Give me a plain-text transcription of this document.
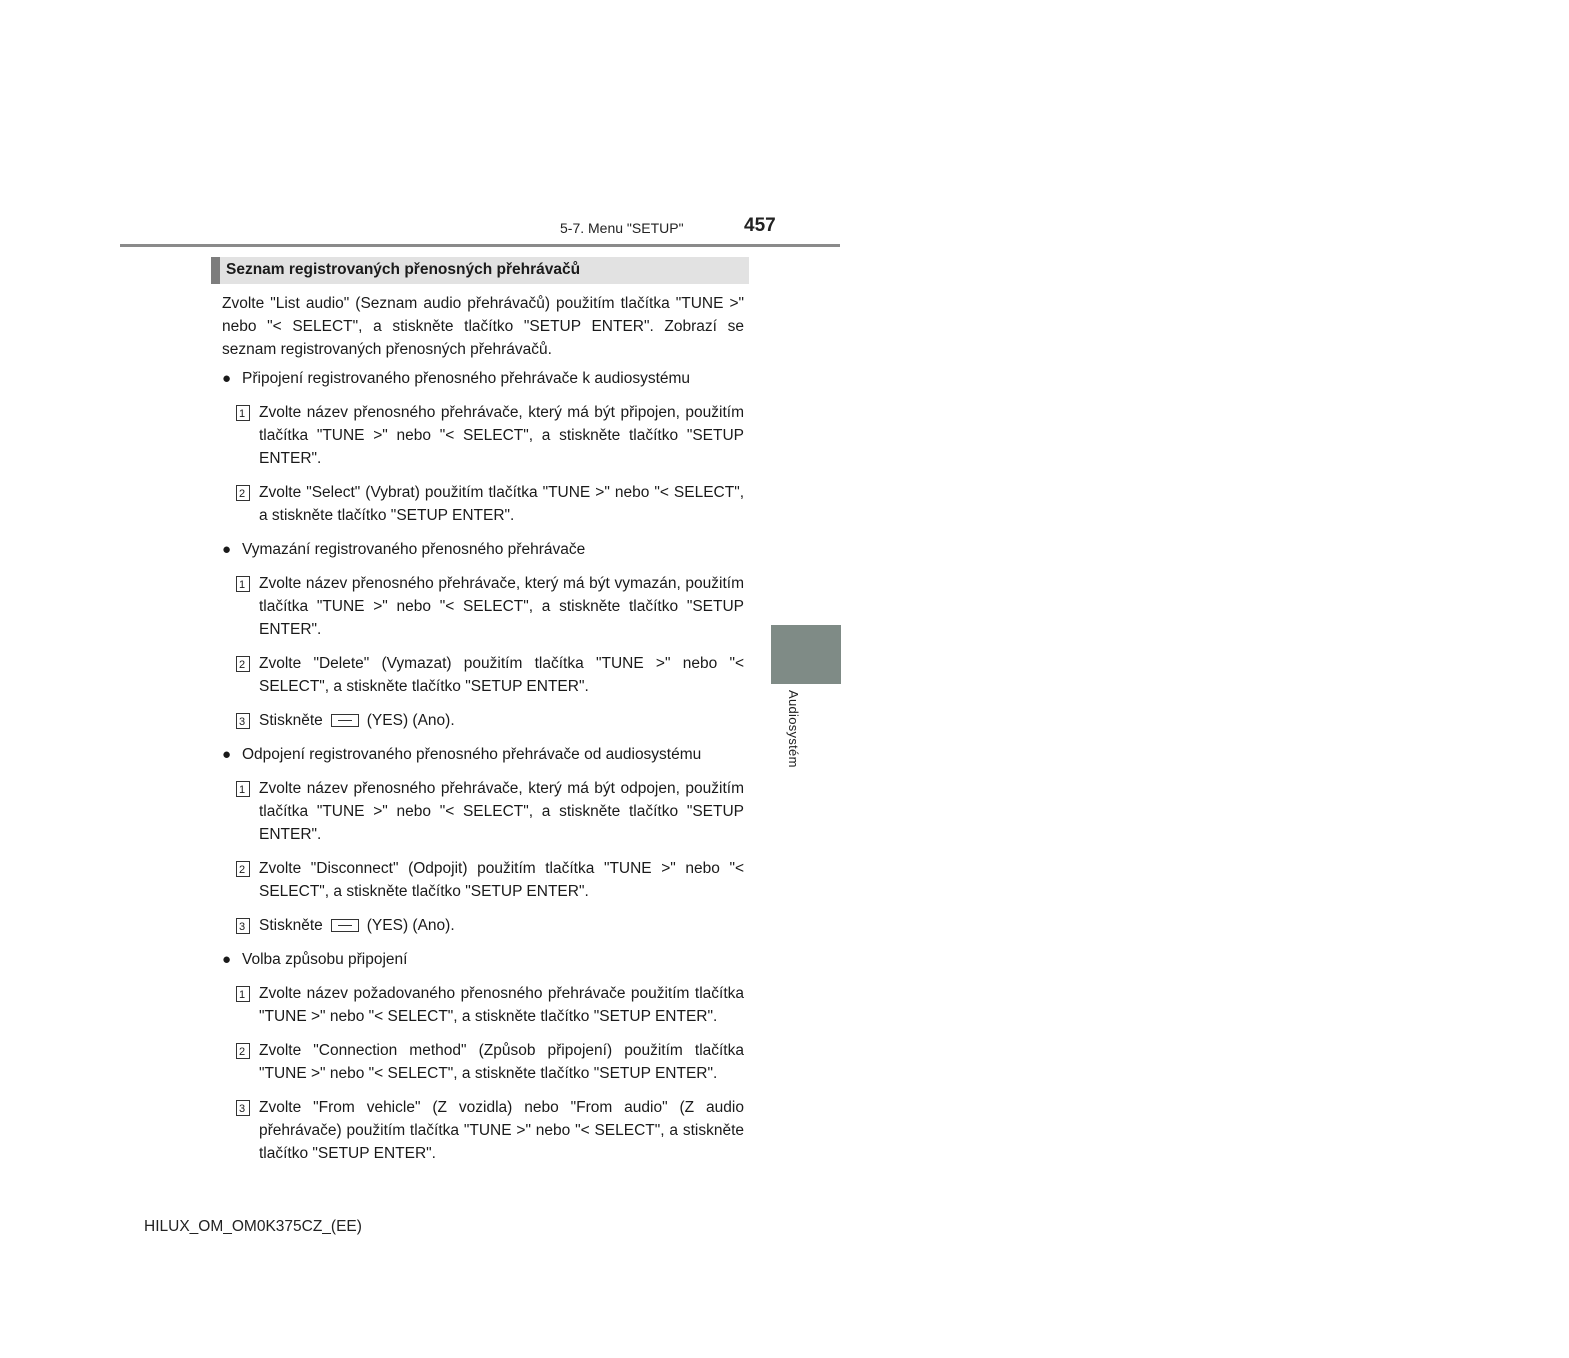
5-7. Menu "SETUP"	457
5
Audiosystém
Seznam registrovaných přenosných přehrávačů

Zvolte "List audio" (Seznam audio přehrávačů) použitím tlačítka "TUNE >" nebo "< SELECT", a stiskněte tlačítko "SETUP ENTER". Zobrazí se seznam registrovaných přenosných přehrávačů.

● Připojení registrovaného přenosného přehrávače k audiosystému
1 Zvolte název přenosného přehrávače, který má být připojen, použitím tlačítka "TUNE >" nebo "< SELECT", a stiskněte tlačítko "SETUP ENTER".
2 Zvolte "Select" (Vybrat) použitím tlačítka "TUNE >" nebo "< SELECT", a stiskněte tlačítko "SETUP ENTER".
● Vymazání registrovaného přenosného přehrávače
1 Zvolte název přenosného přehrávače, který má být vymazán, použitím tlačítka "TUNE >" nebo "< SELECT", a stiskněte tlačítko "SETUP ENTER".
2 Zvolte "Delete" (Vymazat) použitím tlačítka "TUNE >" nebo "< SELECT", a stiskněte tlačítko "SETUP ENTER".
3 Stiskněte	(YES) (Ano).
● Odpojení registrovaného přenosného přehrávače od audiosystému
1 Zvolte název přenosného přehrávače, který má být odpojen, použitím tlačítka "TUNE >" nebo "< SELECT", a stiskněte tlačítko "SETUP ENTER".
2 Zvolte "Disconnect" (Odpojit) použitím tlačítka "TUNE >" nebo "< SELECT", a stiskněte tlačítko "SETUP ENTER".
3 Stiskněte	(YES) (Ano).
● Volba způsobu připojení
1 Zvolte název požadovaného přenosného přehrávače použitím tlačítka "TUNE >" nebo "< SELECT", a stiskněte tlačítko "SETUP ENTER".
2 Zvolte "Connection method" (Způsob připojení) použitím tlačítka "TUNE >" nebo "< SELECT", a stiskněte tlačítko "SETUP ENTER".
3 Zvolte "From vehicle" (Z vozidla) nebo "From audio" (Z audio přehrávače) použitím tlačítka "TUNE >" nebo "< SELECT", a stiskněte tlačítko "SETUP ENTER".
HILUX_OM_OM0K375CZ_(EE)
